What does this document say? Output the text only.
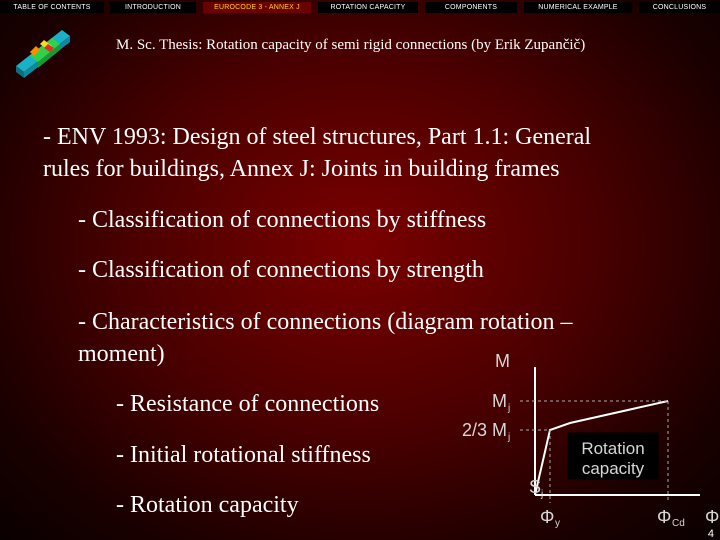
TABLE OF CONTENTS	INTRODUCTION	EUROCODE 3 - ANNEX J	ROTATION CAPACITY	COMPONENTS	NUMERICAL EXAMPLE	CONCLUSIONS
M. Sc. Thesis: Rotation capacity of semi rigid connections (by Erik Zupančič)
- ENV 1993: Design of steel structures, Part 1.1: General
rules for buildings, Annex J: Joints in building frames
- Classification of connections by stiffness
- Classification of connections by strength
- Characteristics of connections (diagram rotation –
moment)
- Resistance of connections
- Initial rotational stiffness
- Rotation capacity
Rotation
capacity
M
M j
2/3 M j
S j
Φ y	Φ Cd Φ
4
